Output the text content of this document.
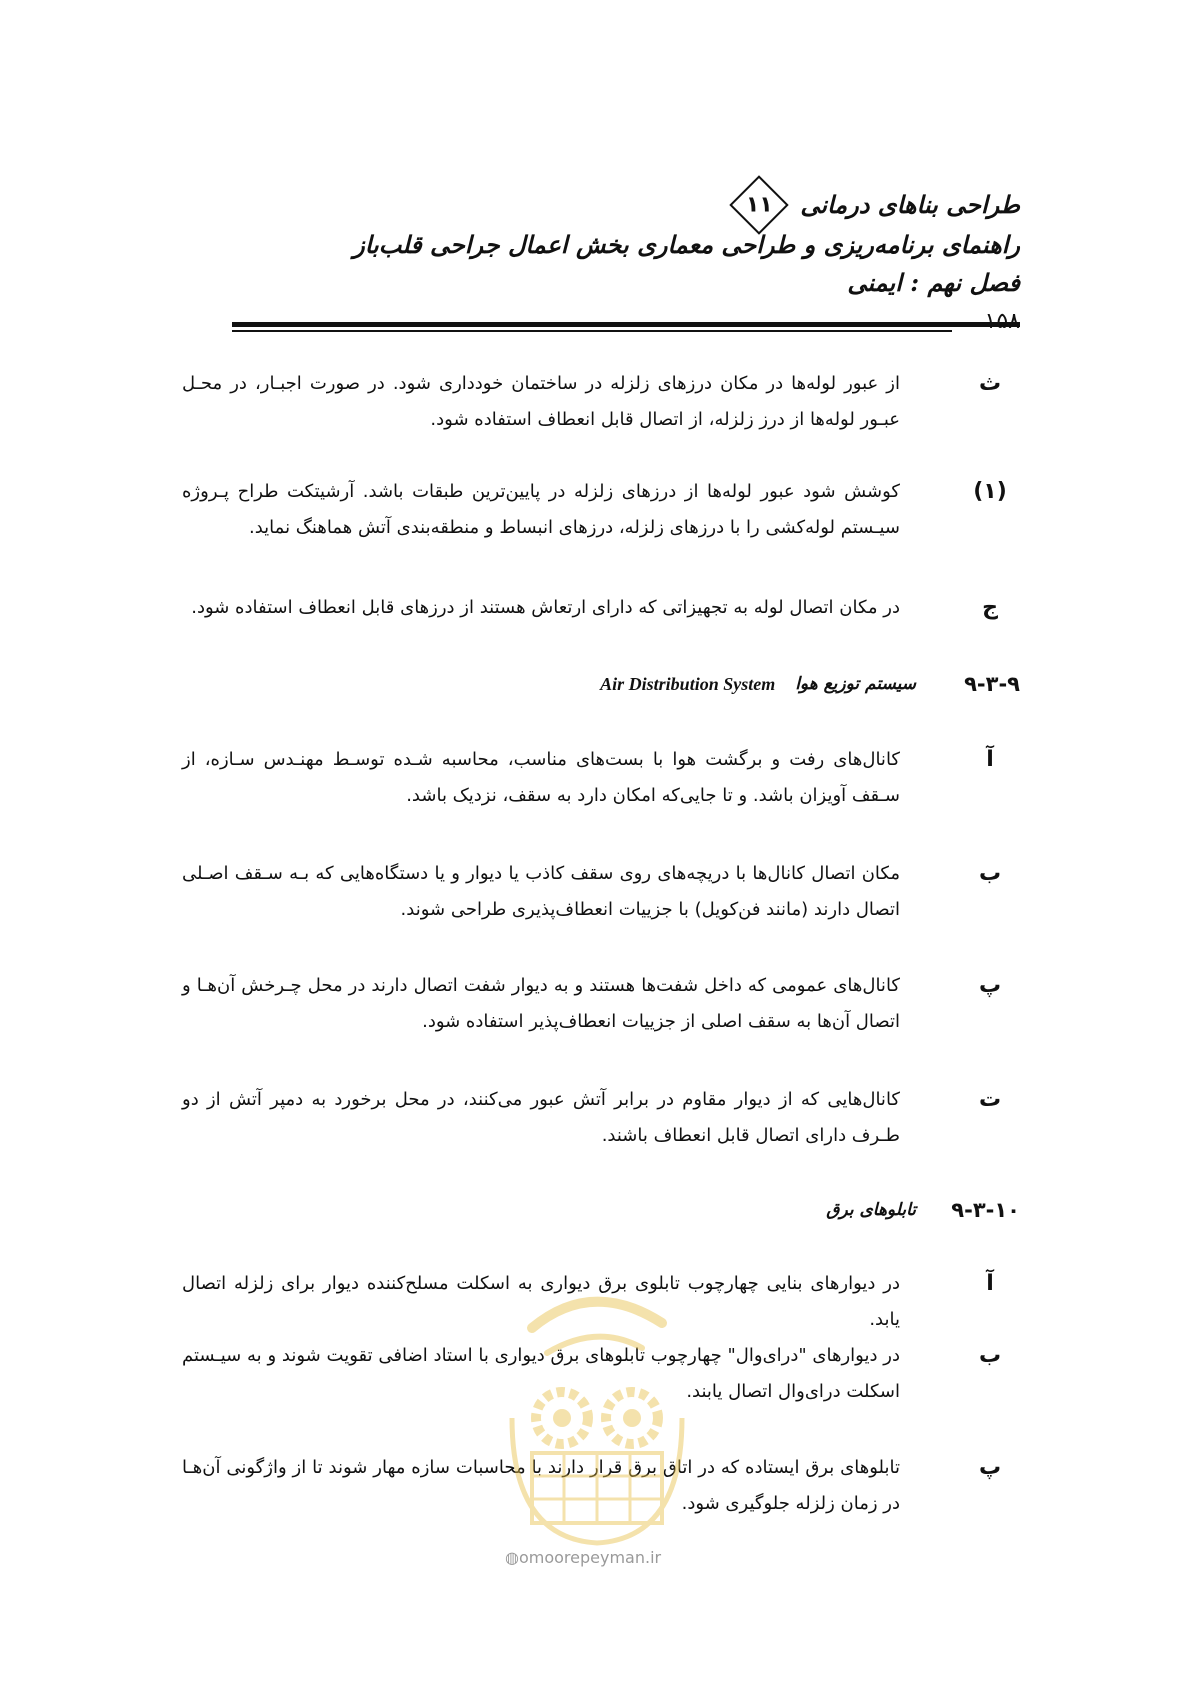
طراحی بناهای درمانی
۱۱
راهنمای برنامه‌ریزی و طراحی معماری بخش اعمال جراحی قلب‌باز
فصل نهم : ایمنی
۱۵۸
ث
از عبور لوله‌ها در مکان درزهای زلزله در ساختمان خودداری شود. در صورت اجبـار، در محـل عبـور لوله‌ها از درز زلزله، از اتصال قابل انعطاف استفاده شود.
(۱)
کوشش شود عبور لوله‌ها از درزهای زلزله در پایین‌ترین طبقات باشد. آرشیتکت طراح پـروژه سیـستم لوله‌کشی را با درزهای زلزله، درزهای انبساط و منطقه‌بندی آتش هماهنگ نماید.
ج
در مکان اتصال لوله به تجهیزاتی که دارای ارتعاش هستند از درزهای قابل انعطاف استفاده شود.
۹-۳-۹
سیستم توزیع هوا
Air Distribution System
آ
کانال‌های رفت و برگشت هوا با بست‌های مناسب، محاسبه شـده توسـط مهنـدس سـازه، از سـقف آویزان باشد. و تا جایی‌که امکان دارد به سقف، نزدیک باشد.
ب
مکان اتصال کانال‌ها با دریچه‌های روی سقف کاذب یا دیوار و یا دستگاه‌هایی که بـه سـقف اصـلی اتصال دارند (مانند فن‌کویل) با جزییات انعطاف‌پذیری طراحی شوند.
پ
کانال‌های عمومی که داخل شفت‌ها هستند و به دیوار شفت اتصال دارند در محل چـرخش آن‌هـا و اتصال آن‌ها به سقف اصلی از جزییات انعطاف‌پذیر استفاده شود.
ت
کانال‌هایی که از دیوار مقاوم در برابر آتش عبور می‌کنند، در محل برخورد به دمپر آتش از دو طـرف دارای اتصال قابل انعطاف باشند.
۹-۳-۱۰
تابلوهای برق
آ
در دیوارهای بنایی چهارچوب تابلوی برق دیواری به اسکلت مسلح‌کننده دیوار برای زلزله اتصال یابد.
ب
در دیوارهای "درای‌وال" چهارچوب تابلوهای برق دیواری با استاد اضافی تقویت شوند و به سیـستم اسکلت درای‌وال اتصال یابند.
پ
تابلوهای برق ایستاده که در اتاق برق قرار دارند با محاسبات سازه مهار شوند تا از واژگونی آن‌هـا در زمان زلزله جلوگیری شود.
◍omoorepeyman.ir
